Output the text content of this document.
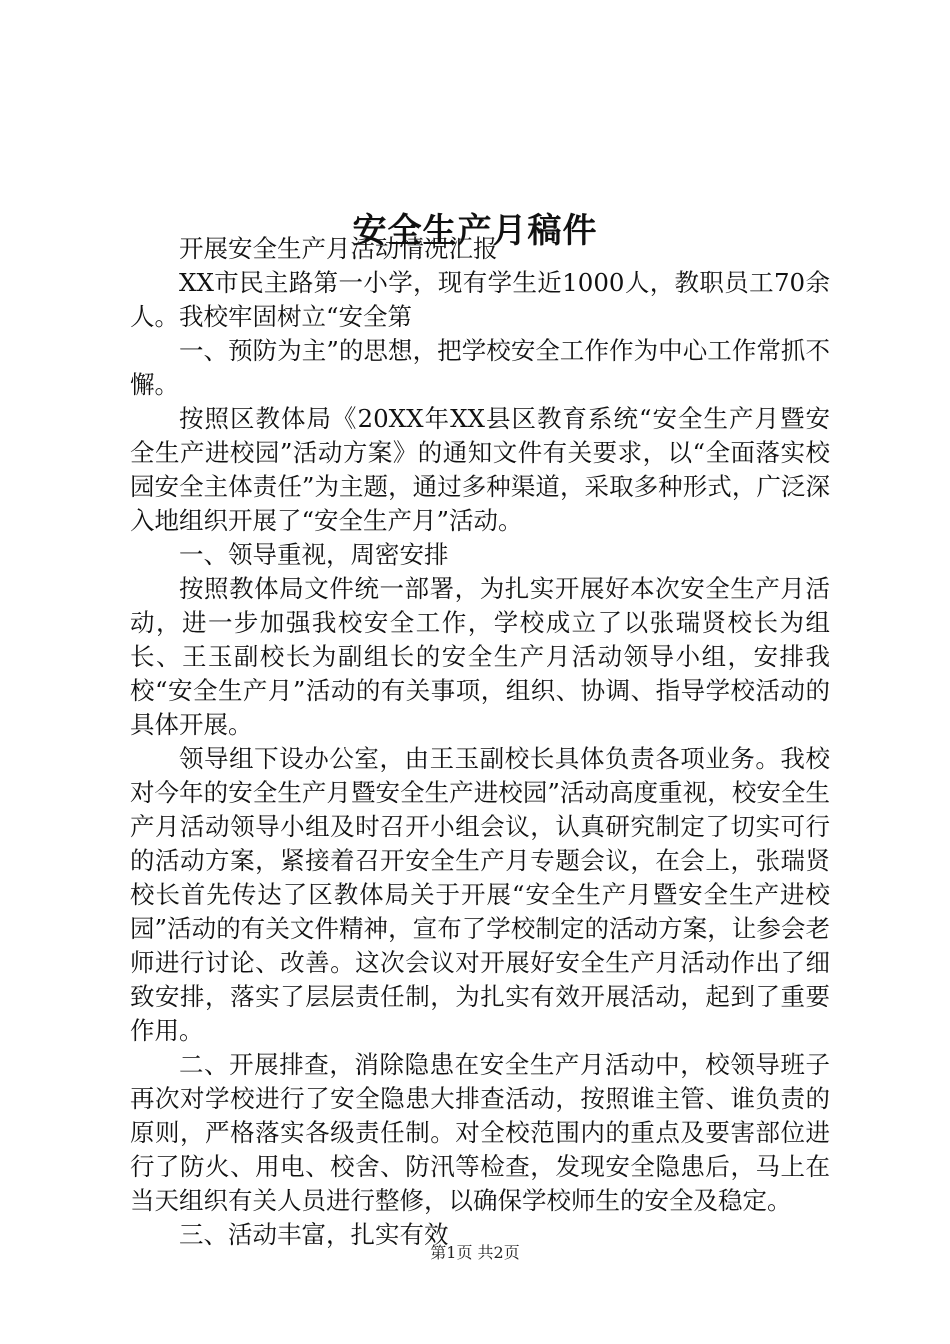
安全生产月稿件

开展安全生产月活动情况汇报

XX市民主路第一小学，现有学生近1000人，教职员工70余人。我校牢固树立“安全第

一、预防为主”的思想，把学校安全工作作为中心工作常抓不懈。

按照区教体局《20XX年XX县区教育系统“安全生产月暨安全生产进校园”活动方案》的通知文件有关要求，以“全面落实校园安全主体责任”为主题，通过多种渠道，采取多种形式，广泛深入地组织开展了“安全生产月”活动。

一、领导重视，周密安排

按照教体局文件统一部署，为扎实开展好本次安全生产月活动，进一步加强我校安全工作，学校成立了以张瑞贤校长为组长、王玉副校长为副组长的安全生产月活动领导小组，安排我校“安全生产月”活动的有关事项，组织、协调、指导学校活动的具体开展。

领导组下设办公室，由王玉副校长具体负责各项业务。我校对今年的安全生产月暨安全生产进校园”活动高度重视，校安全生产月活动领导小组及时召开小组会议，认真研究制定了切实可行的活动方案，紧接着召开安全生产月专题会议，在会上，张瑞贤校长首先传达了区教体局关于开展“安全生产月暨安全生产进校园”活动的有关文件精神，宣布了学校制定的活动方案，让参会老师进行讨论、改善。这次会议对开展好安全生产月活动作出了细致安排，落实了层层责任制，为扎实有效开展活动，起到了重要作用。

二、开展排查，消除隐患在安全生产月活动中，校领导班子再次对学校进行了安全隐患大排查活动，按照谁主管、谁负责的原则，严格落实各级责任制。对全校范围内的重点及要害部位进行了防火、用电、校舍、防汛等检查，发现安全隐患后，马上在当天组织有关人员进行整修，以确保学校师生的安全及稳定。

三、活动丰富，扎实有效

第1页 共2页
